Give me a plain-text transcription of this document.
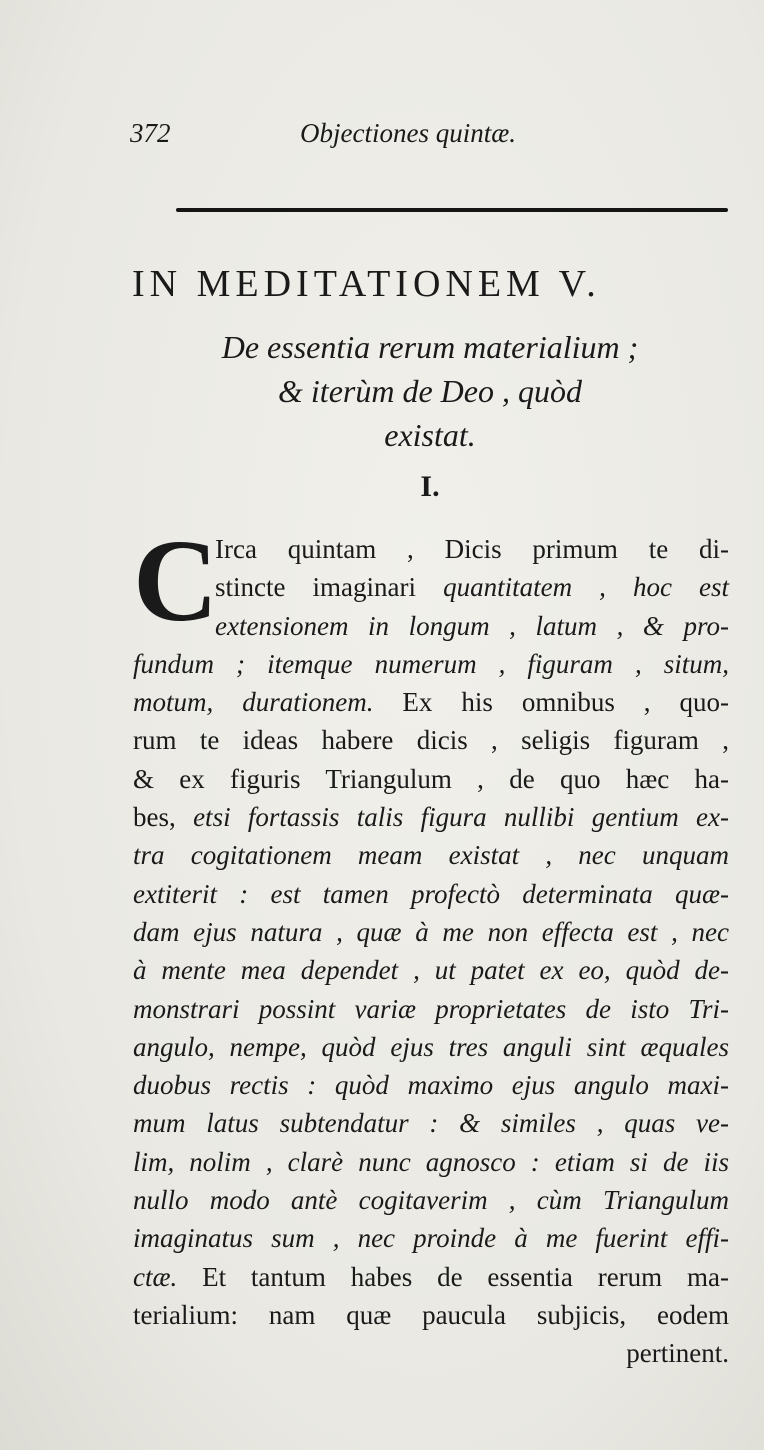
372	Objectiones quintæ.
IN MEDITATIONEM V.
De essentia rerum materialium ;
& iterùm de Deo , quòd
existat.
I.
C
Irca quintam , Dicis primum te di-
stincte imaginari quantitatem , hoc est
extensionem in longum , latum , & pro-
fundum ; itemque numerum , figuram , situm,
motum, durationem. Ex his omnibus , quo-
rum te ideas habere dicis , seligis figuram ,
& ex figuris Triangulum , de quo hæc ha-
bes, etsi fortassis talis figura nullibi gentium ex-
tra cogitationem meam existat , nec unquam
extiterit : est tamen profectò determinata quæ-
dam ejus natura , quæ à me non effecta est , nec
à mente mea dependet , ut patet ex eo, quòd de-
monstrari possint variæ proprietates de isto Tri-
angulo, nempe, quòd ejus tres anguli sint æquales
duobus rectis : quòd maximo ejus angulo maxi-
mum latus subtendatur : & similes , quas ve-
lim, nolim , clarè nunc agnosco : etiam si de iis
nullo modo antè cogitaverim , cùm Triangulum
imaginatus sum , nec proinde à me fuerint effi-
ctæ. Et tantum habes de essentia rerum ma-
terialium: nam quæ paucula subjicis, eodem
pertinent.
